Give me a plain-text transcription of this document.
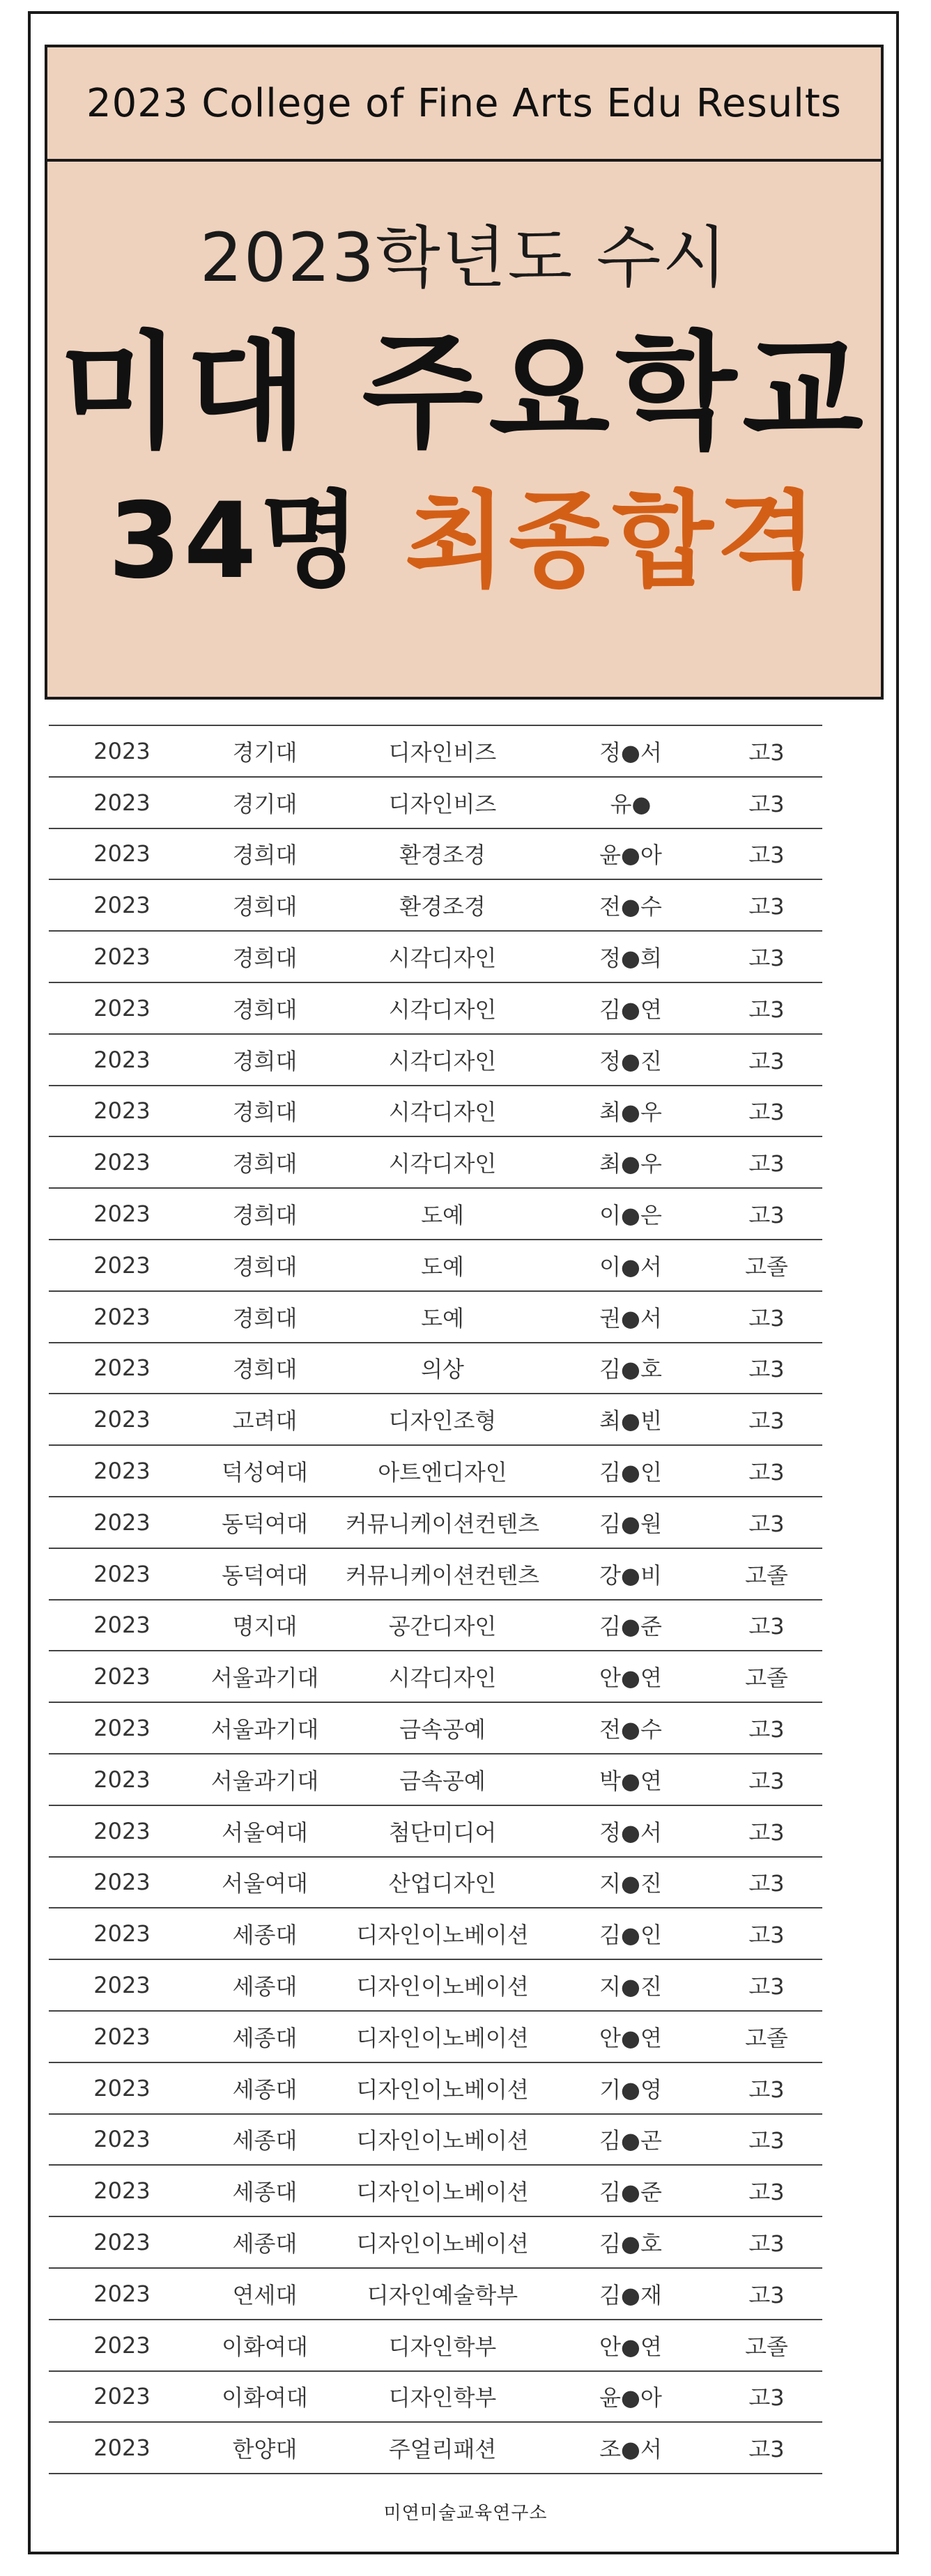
2023 College of Fine Arts Edu Results
2023학년도 수시
미대 주요학교
34명 최종합격
2023	경기대	디자인비즈	정●서	고3
2023	경기대	디자인비즈	유●	고3
2023	경희대	환경조경	윤●아	고3
2023	경희대	환경조경	전●수	고3
2023	경희대	시각디자인	정●희	고3
2023	경희대	시각디자인	김●연	고3
2023	경희대	시각디자인	정●진	고3
2023	경희대	시각디자인	최●우	고3
2023	경희대	시각디자인	최●우	고3
2023	경희대	도예	이●은	고3
2023	경희대	도예	이●서	고졸
2023	경희대	도예	권●서	고3
2023	경희대	의상	김●호	고3
2023	고려대	디자인조형	최●빈	고3
2023	덕성여대	아트엔디자인	김●인	고3
2023	동덕여대	커뮤니케이션컨텐츠	김●원	고3
2023	동덕여대	커뮤니케이션컨텐츠	강●비	고졸
2023	명지대	공간디자인	김●준	고3
2023	서울과기대	시각디자인	안●연	고졸
2023	서울과기대	금속공예	전●수	고3
2023	서울과기대	금속공예	박●연	고3
2023	서울여대	첨단미디어	정●서	고3
2023	서울여대	산업디자인	지●진	고3
2023	세종대	디자인이노베이션	김●인	고3
2023	세종대	디자인이노베이션	지●진	고3
2023	세종대	디자인이노베이션	안●연	고졸
2023	세종대	디자인이노베이션	기●영	고3
2023	세종대	디자인이노베이션	김●곤	고3
2023	세종대	디자인이노베이션	김●준	고3
2023	세종대	디자인이노베이션	김●호	고3
2023	연세대	디자인예술학부	김●재	고3
2023	이화여대	디자인학부	안●연	고졸
2023	이화여대	디자인학부	윤●아	고3
2023	한양대	주얼리패션	조●서	고3
미연미술교육연구소
